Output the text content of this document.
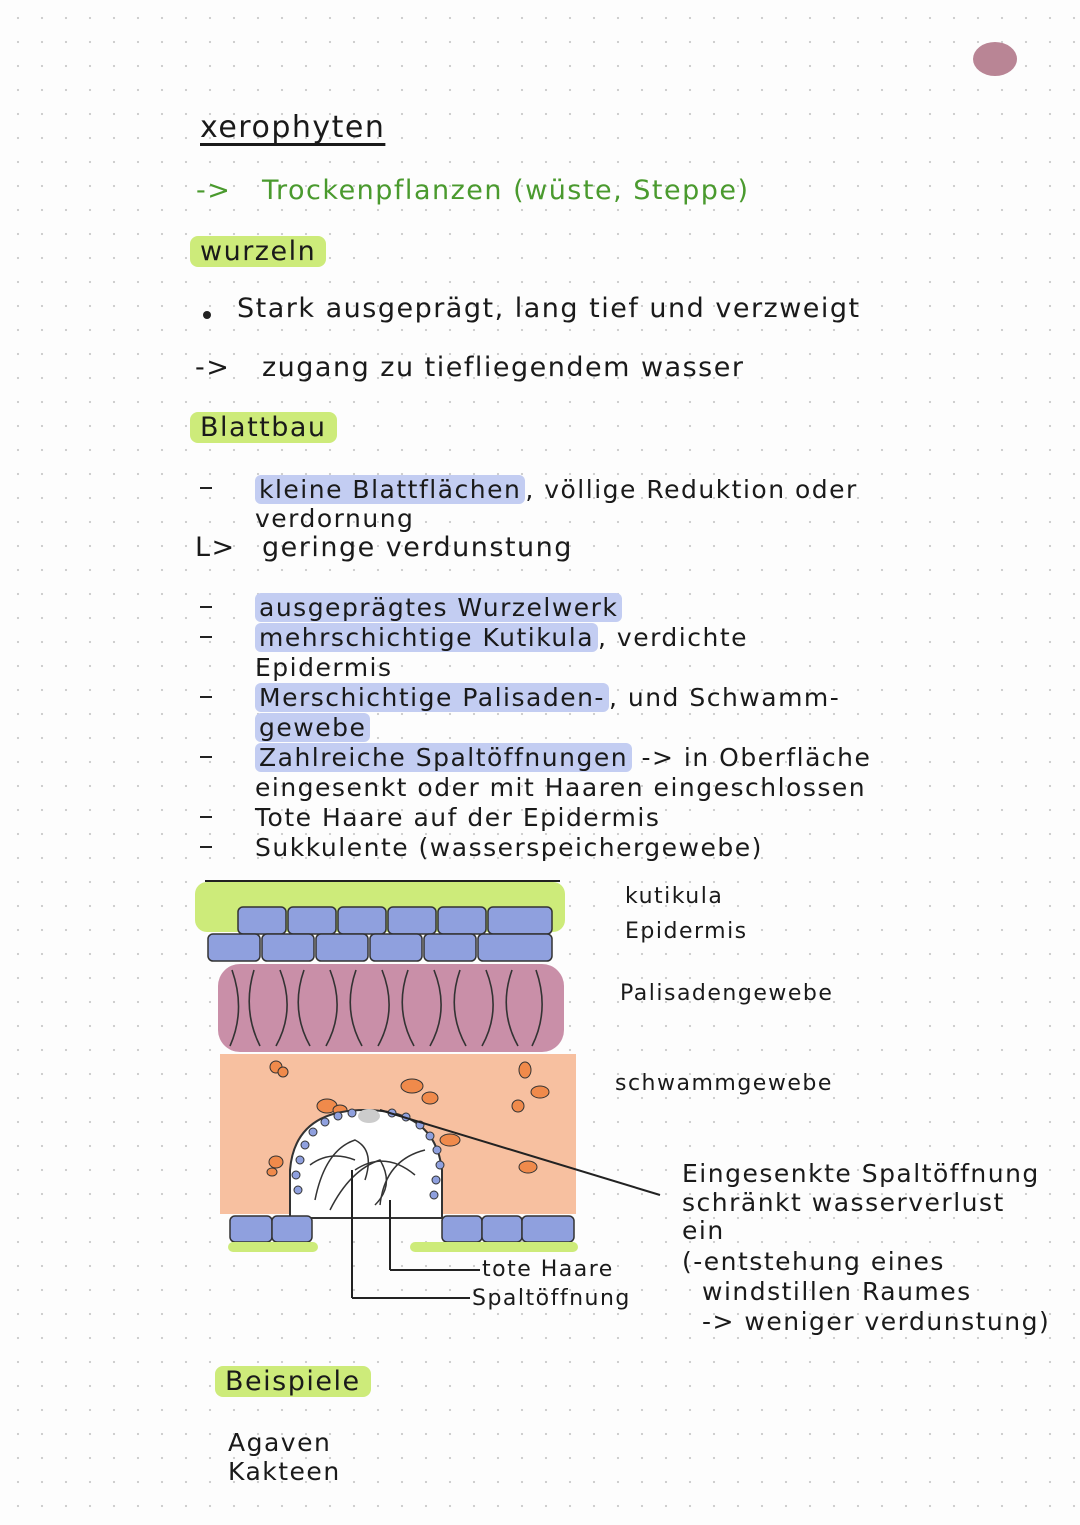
xerophyten
-> Trockenpflanzen (wüste, Steppe)
wurzeln
Stark ausgeprägt, lang tief und verzweigt
-> zugang zu tiefliegendem wasser
Blattbau
kleine Blattflächen , völlige Reduktion oder
verdornung
L> geringe verdunstung
ausgeprägtes Wurzelwerk
mehrschichtige Kutikula , verdichte
Epidermis
Merschichtige Palisaden- , und Schwamm-
gewebe
Zahlreiche Spaltöffnungen -> in Oberfläche
eingesenkt oder mit Haaren eingeschlossen
Tote Haare auf der Epidermis
Sukkulente (wasserspeichergewebe)
kutikula
Epidermis
Palisadengewebe
schwammgewebe
tote Haare
Spaltöffnung
Eingesenkte Spaltöffnung
schränkt wasserverlust
ein
(-entstehung eines
windstillen Raumes
-> weniger verdunstung)
Beispiele
Agaven
Kakteen
